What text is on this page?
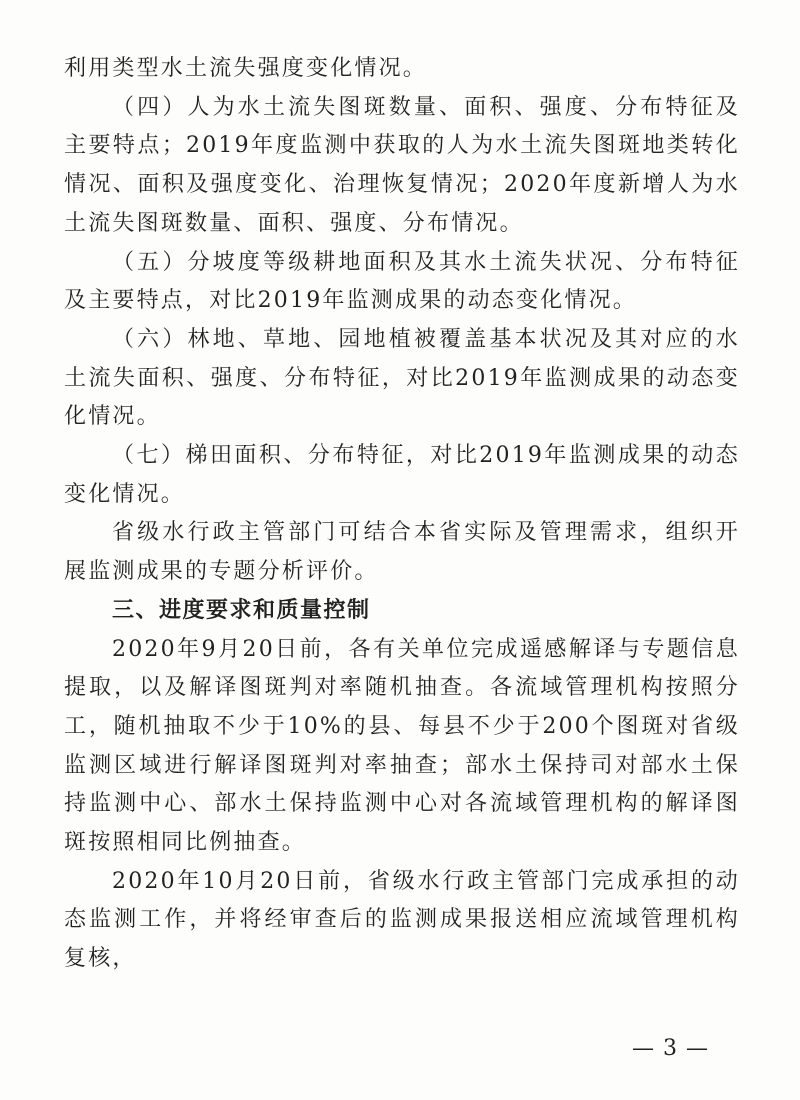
利用类型水土流失强度变化情况。

（四）人为水土流失图斑数量、面积、强度、分布特征及主要特点；2019年度监测中获取的人为水土流失图斑地类转化情况、面积及强度变化、治理恢复情况；2020年度新增人为水土流失图斑数量、面积、强度、分布情况。

（五）分坡度等级耕地面积及其水土流失状况、分布特征及主要特点，对比2019年监测成果的动态变化情况。

（六）林地、草地、园地植被覆盖基本状况及其对应的水土流失面积、强度、分布特征，对比2019年监测成果的动态变化情况。

（七）梯田面积、分布特征，对比2019年监测成果的动态变化情况。

省级水行政主管部门可结合本省实际及管理需求，组织开展监测成果的专题分析评价。

三、进度要求和质量控制

2020年9月20日前，各有关单位完成遥感解译与专题信息提取，以及解译图斑判对率随机抽查。各流域管理机构按照分工，随机抽取不少于10%的县、每县不少于200个图斑对省级监测区域进行解译图斑判对率抽查；部水土保持司对部水土保持监测中心、部水土保持监测中心对各流域管理机构的解译图斑按照相同比例抽查。

2020年10月20日前，省级水行政主管部门完成承担的动态监测工作，并将经审查后的监测成果报送相应流域管理机构复核，

— 3 —
